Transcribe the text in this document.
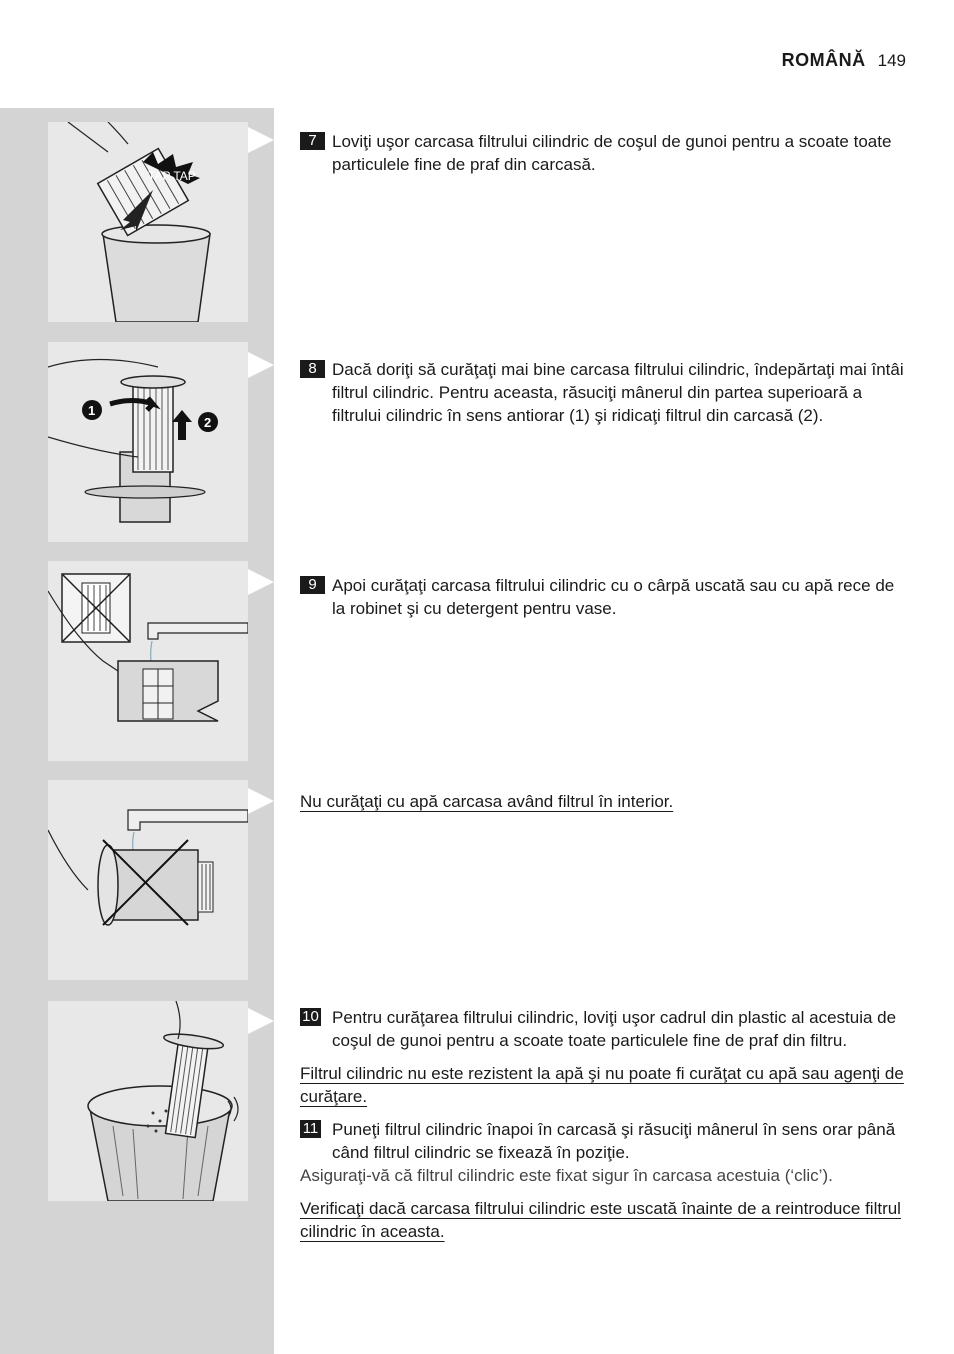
ROMÂNĂ 149
TAP TAP
1
2
7 Loviţi uşor carcasa filtrului cilindric de coşul de gunoi pentru a scoate toate particulele fine de praf din carcasă.
8 Dacă doriţi să curăţaţi mai bine carcasa filtrului cilindric, îndepărtaţi mai întâi filtrul cilindric. Pentru aceasta, răsuciţi mânerul din partea superioară a filtrului cilindric în sens antiorar (1) şi ridicaţi filtrul din carcasă (2).
9 Apoi curăţaţi carcasa filtrului cilindric cu o cârpă uscată sau cu apă rece de la robinet şi cu detergent pentru vase.
Nu curăţaţi cu apă carcasa având filtrul în interior.
10 Pentru curăţarea filtrului cilindric, loviţi uşor cadrul din plastic al acestuia de coşul de gunoi pentru a scoate toate particulele fine de praf din filtru.
Filtrul cilindric nu este rezistent la apă şi nu poate fi curăţat cu apă sau agenţi de curăţare.
11 Puneţi filtrul cilindric înapoi în carcasă şi răsuciţi mânerul în sens orar până când filtrul cilindric se fixează în poziţie.
Asiguraţi-vă că filtrul cilindric este fixat sigur în carcasa acestuia (‘clic’).
Verificaţi dacă carcasa filtrului cilindric este uscată înainte de a reintroduce filtrul cilindric în aceasta.
